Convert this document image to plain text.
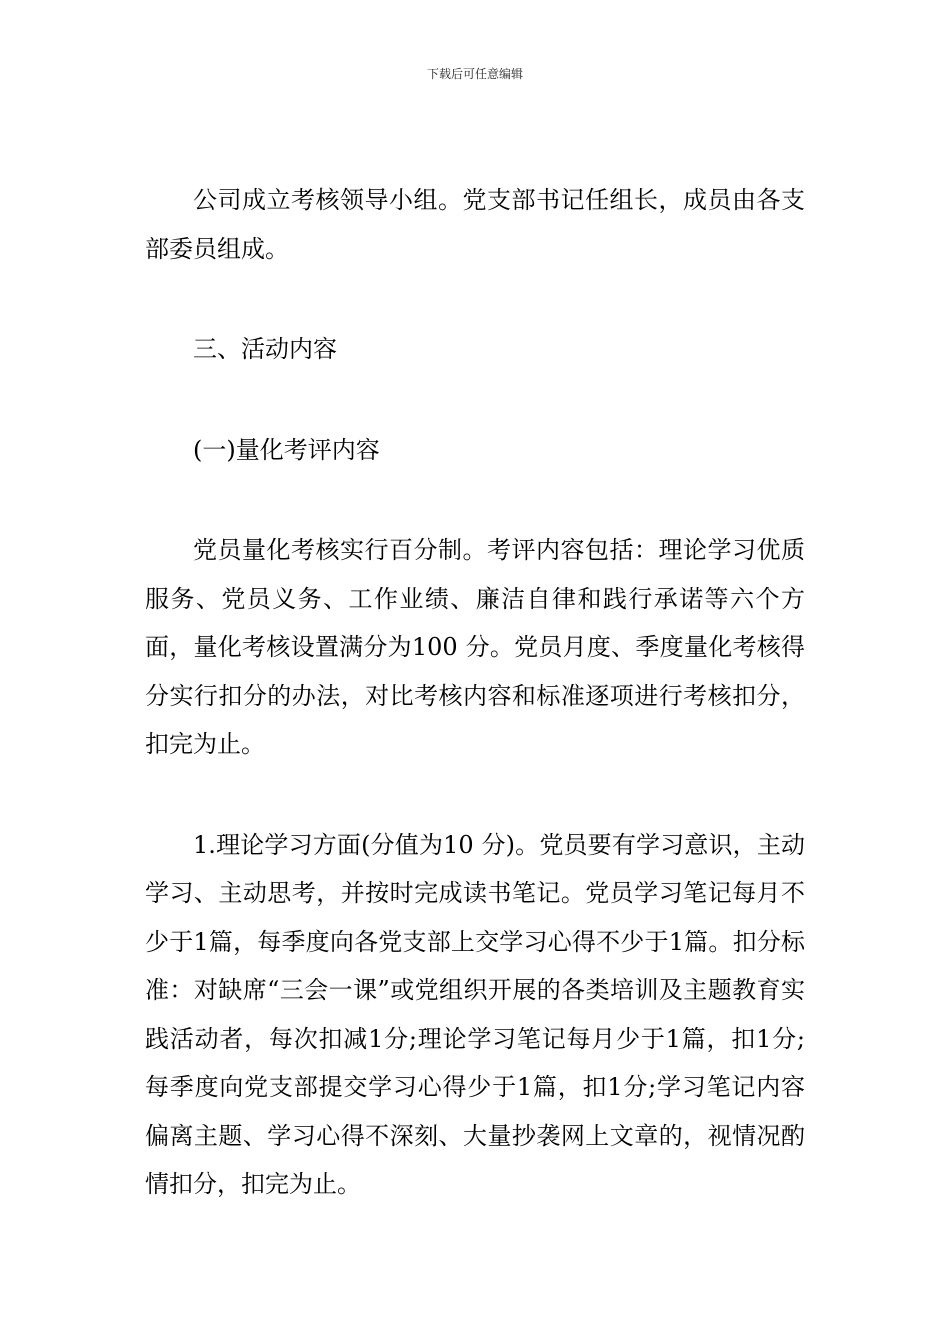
下载后可任意编辑

公司成立考核领导小组。党支部书记任组长，成员由各支部委员组成。

三、活动内容

(一)量化考评内容

党员量化考核实行百分制。考评内容包括：理论学习优质服务、党员义务、工作业绩、廉洁自律和践行承诺等六个方面，量化考核设置满分为100 分。党员月度、季度量化考核得分实行扣分的办法，对比考核内容和标准逐项进行考核扣分，扣完为止。

1.理论学习方面(分值为10 分)。党员要有学习意识，主动学习、主动思考，并按时完成读书笔记。党员学习笔记每月不少于1篇，每季度向各党支部上交学习心得不少于1篇。扣分标准：对缺席“三会一课”或党组织开展的各类培训及主题教育实践活动者，每次扣减1分;理论学习笔记每月少于1篇，扣1分;每季度向党支部提交学习心得少于1篇，扣1分;学习笔记内容偏离主题、学习心得不深刻、大量抄袭网上文章的，视情况酌情扣分，扣完为止。
